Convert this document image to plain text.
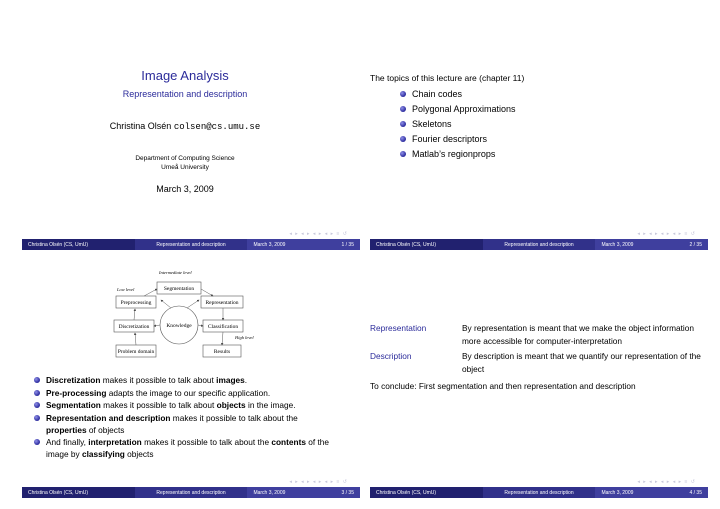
Image Analysis
Representation and description
Christina Olsén colsen@cs.umu.se
Department of Computing Science
Umeå University
March 3, 2009
◂ ▸ ◂ ▸ ◂ ▸ ◂ ▸ ≡ ↺
Christina Olsén (CS, UmU)	Representation and description	March 3, 2009	1 / 35
The topics of this lecture are (chapter 11)
Chain codes
Polygonal Approximations
Skeletons
Fourier descriptors
Matlab’s regionprops
◂ ▸ ◂ ▸ ◂ ▸ ◂ ▸ ≡ ↺
Christina Olsén (CS, UmU)	Representation and description	March 3, 2009	2 / 35
Intermediate level
Low level
High level
Segmentation
Preprocessing	Representation
Knowledge
Discretization	Classification
Problem domain	Results
Discretization makes it possible to talk about images.
Pre-processing adapts the image to our specific application.
Segmentation makes it possible to talk about objects in the image.
Representation and description makes it possible to talk about the properties of objects
And finally, interpretation makes it possible to talk about the contents of the image by classifying objects
◂ ▸ ◂ ▸ ◂ ▸ ◂ ▸ ≡ ↺
Christina Olsén (CS, UmU)	Representation and description	March 3, 2009	3 / 35
Representation	By representation is meant that we make the object information more accessible for computer-interpretation
Description	By description is meant that we quantify our representation of the object
To conclude: First segmentation and then representation and description
◂ ▸ ◂ ▸ ◂ ▸ ◂ ▸ ≡ ↺
Christina Olsén (CS, UmU)	Representation and description	March 3, 2009	4 / 35
